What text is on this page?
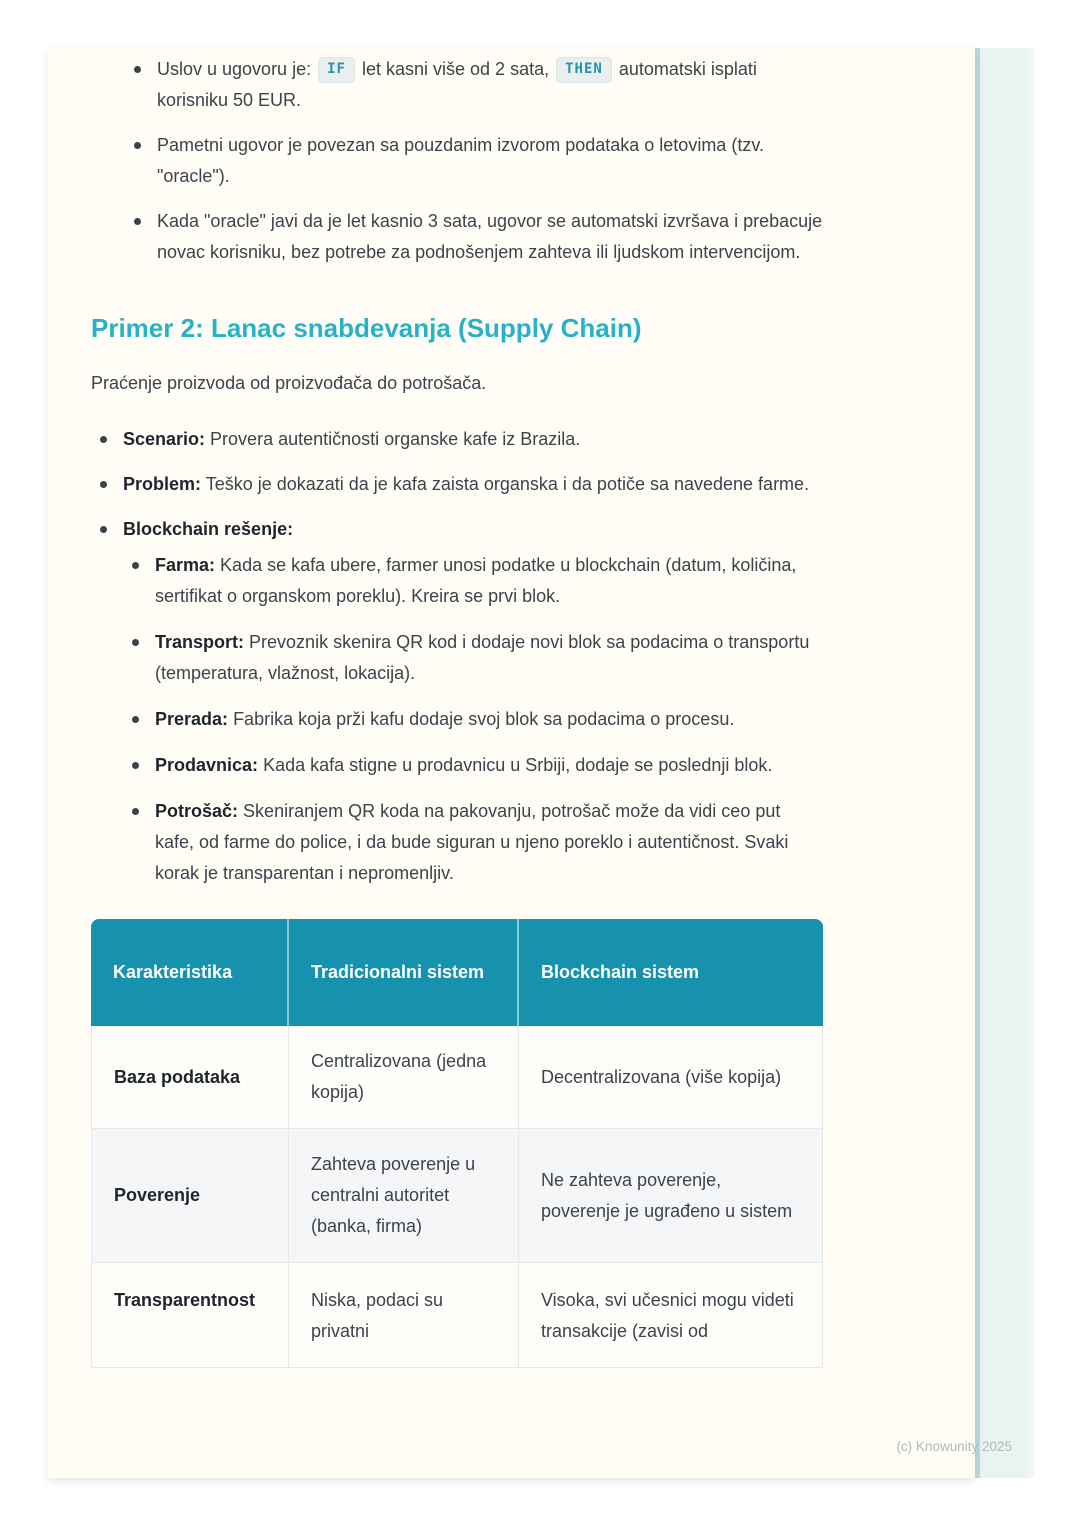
Uslov u ugovoru je: IF let kasni više od 2 sata, THEN automatski isplati korisniku 50 EUR.
Pametni ugovor je povezan sa pouzdanim izvorom podataka o letovima (tzv. "oracle").
Kada "oracle" javi da je let kasnio 3 sata, ugovor se automatski izvršava i prebacuje novac korisniku, bez potrebe za podnošenjem zahteva ili ljudskom intervencijom.
Primer 2: Lanac snabdevanja (Supply Chain)

Praćenje proizvoda od proizvođača do potrošača.

Scenario: Provera autentičnosti organske kafe iz Brazila.
Problem: Teško je dokazati da je kafa zaista organska i da potiče sa navedene farme.
Blockchain rešenje:
Farma: Kada se kafa ubere, farmer unosi podatke u blockchain (datum, količina, sertifikat o organskom poreklu). Kreira se prvi blok.
Transport: Prevoznik skenira QR kod i dodaje novi blok sa podacima o transportu (temperatura, vlažnost, lokacija).
Prerada: Fabrika koja prži kafu dodaje svoj blok sa podacima o procesu.
Prodavnica: Kada kafa stigne u prodavnicu u Srbiji, dodaje se poslednji blok.
Potrošač: Skeniranjem QR koda na pakovanju, potrošač može da vidi ceo put kafe, od farme do police, i da bude siguran u njeno poreklo i autentičnost. Svaki korak je transparentan i nepromenljiv.
Karakteristika	Tradicionalni sistem	Blockchain sistem
Baza podataka	Centralizovana (jedna kopija)	Decentralizovana (više kopija)
Poverenje	Zahteva poverenje u centralni autoritet (banka, firma)	Ne zahteva poverenje, poverenje je ugrađeno u sistem
Transparentnost	Niska, podaci su privatni	Visoka, svi učesnici mogu videti transakcije (zavisi od
(c) Knowunity 2025
